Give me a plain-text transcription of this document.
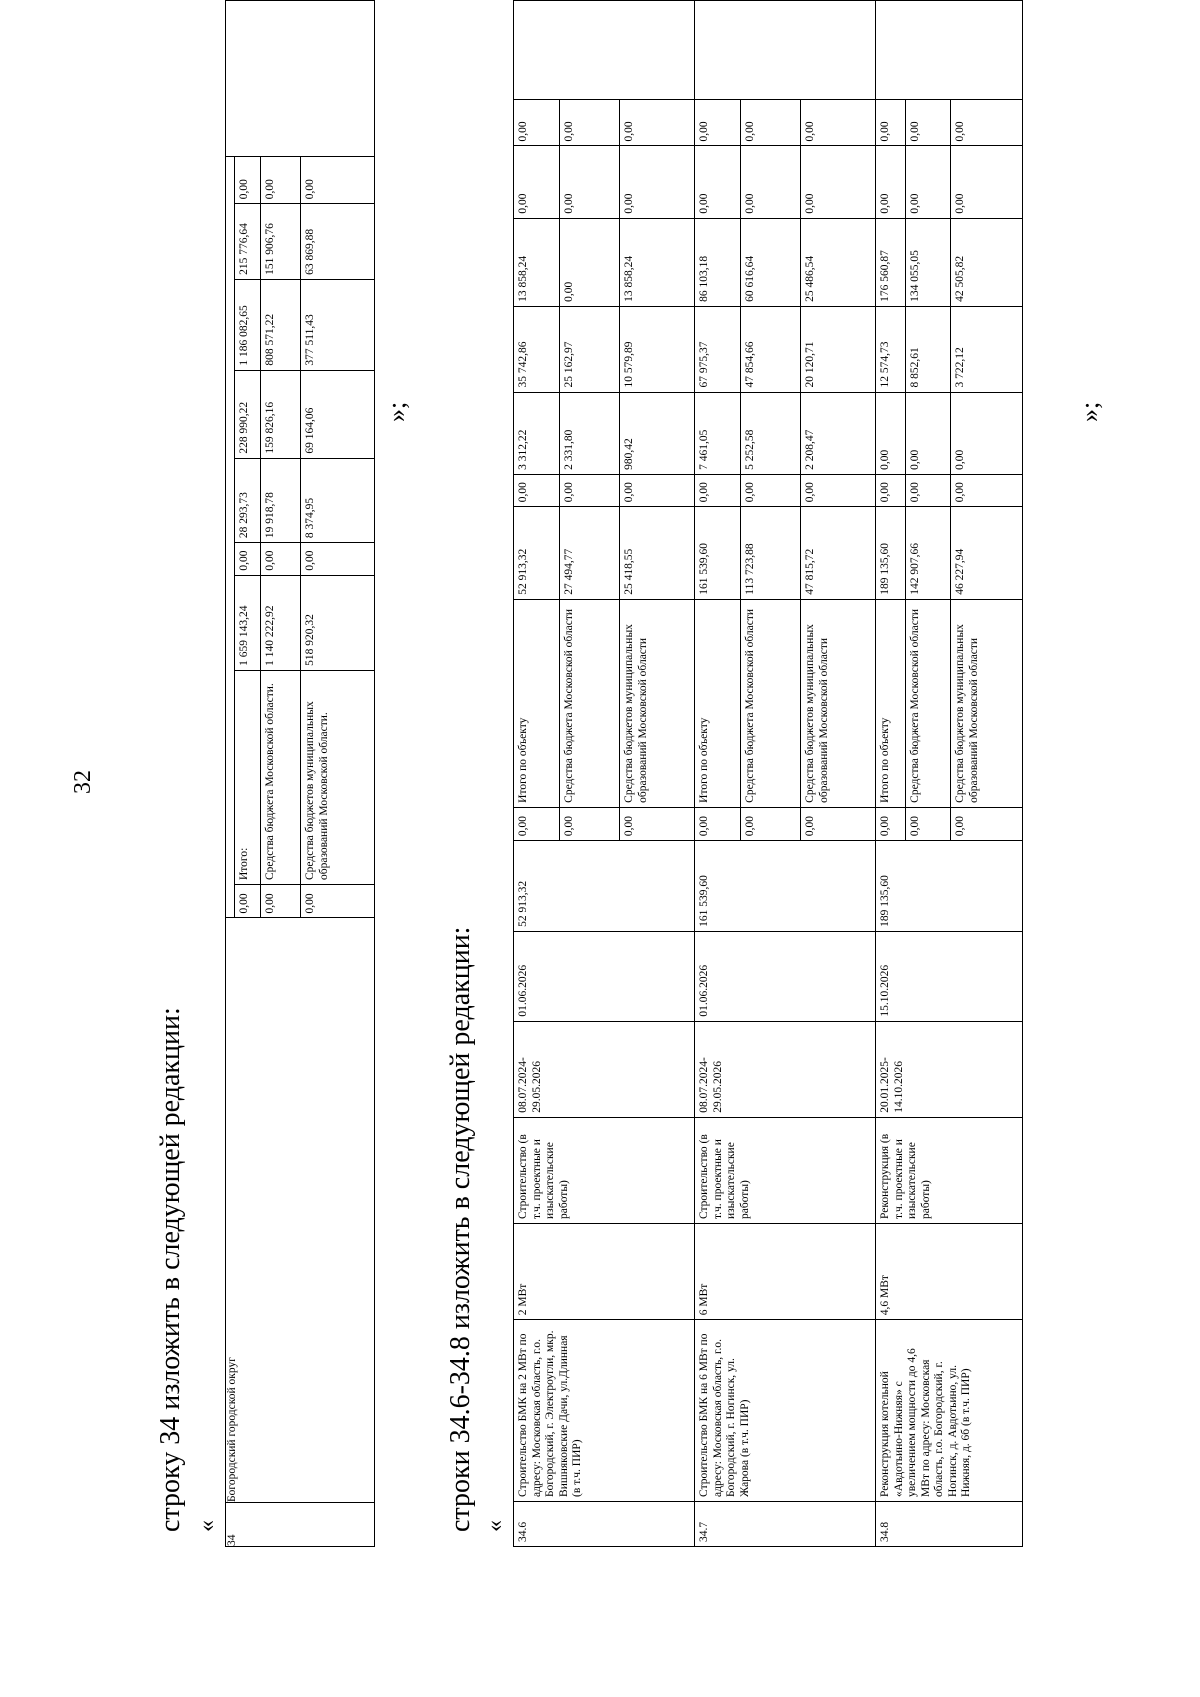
32
строку 34 изложить в следующей редакции: «
34	Богородский городской округ										
		0,00	Итого:	1 659 143,24	0,00	28 293,73	228 990,22	1 186 082,65	215 776,64	0,00	
		0,00	Средства бюджета Московской области.	1 140 222,92	0,00	19 918,78	159 826,16	808 571,22	151 906,76	0,00	
		0,00	Средства бюджетов муниципальных образований Московской области.	518 920,32	0,00	8 374,95	69 164,06	377 511,43	63 869,88	0,00	
»;
строки 34.6-34.8 изложить в следующей редакции: « 34.6	Строительство БМК на 2 МВт по адресу: Московская область, г.о. Богородский, г. Электроугли, мкр. Вишняковские Дачи, ул.Длинная (в т.ч. ПИР)	2 МВт	Строительство (в т.ч. проектные и изыскательские работы)	08.07.2024-29.05.2026	01.06.2026	52 913,32	0,00	Итого по объекту	52 913,32	0,00	3 312,22	35 742,86	13 858,24	0,00	0,00	
							0,00	Средства бюджета Московской области	27 494,77	0,00	2 331,80	25 162,97	0,00	0,00	0,00	
							0,00	Средства бюджетов муниципальных образований Московской области	25 418,55	0,00	980,42	10 579,89	13 858,24	0,00	0,00	
34.7	Строительство БМК на 6 МВт по адресу: Московская область, г.о. Богородский, г. Ногинск, ул. Жарова (в т.ч. ПИР)	6 МВт	Строительство (в т.ч. проектные и изыскательские работы)	08.07.2024-29.05.2026	01.06.2026	161 539,60	0,00	Итого по объекту	161 539,60	0,00	7 461,05	67 975,37	86 103,18	0,00	0,00	
							0,00	Средства бюджета Московской области	113 723,88	0,00	5 252,58	47 854,66	60 616,64	0,00	0,00	
							0,00	Средства бюджетов муниципальных образований Московской области	47 815,72	0,00	2 208,47	20 120,71	25 486,54	0,00	0,00	
34.8	Реконструкция котельной «Авдотьино-Нижняя» с увеличением мощности до 4,6 МВт по адресу: Московская область, г.о. Богородский, г. Ногинск, д. Авдотьино, ул. Нижняя, д. 6б (в т.ч. ПИР)	4,6 МВт	Реконструкция (в т.ч. проектные и изыскательские работы)	20.01.2025-14.10.2026	15.10.2026	189 135,60	0,00	Итого по объекту	189 135,60	0,00	0,00	12 574,73	176 560,87	0,00	0,00	
							0,00	Средства бюджета Московской области	142 907,66	0,00	0,00	8 852,61	134 055,05	0,00	0,00	
							0,00	Средства бюджетов муниципальных образований Московской области	46 227,94	0,00	0,00	3 722,12	42 505,82	0,00	0,00	
»;
